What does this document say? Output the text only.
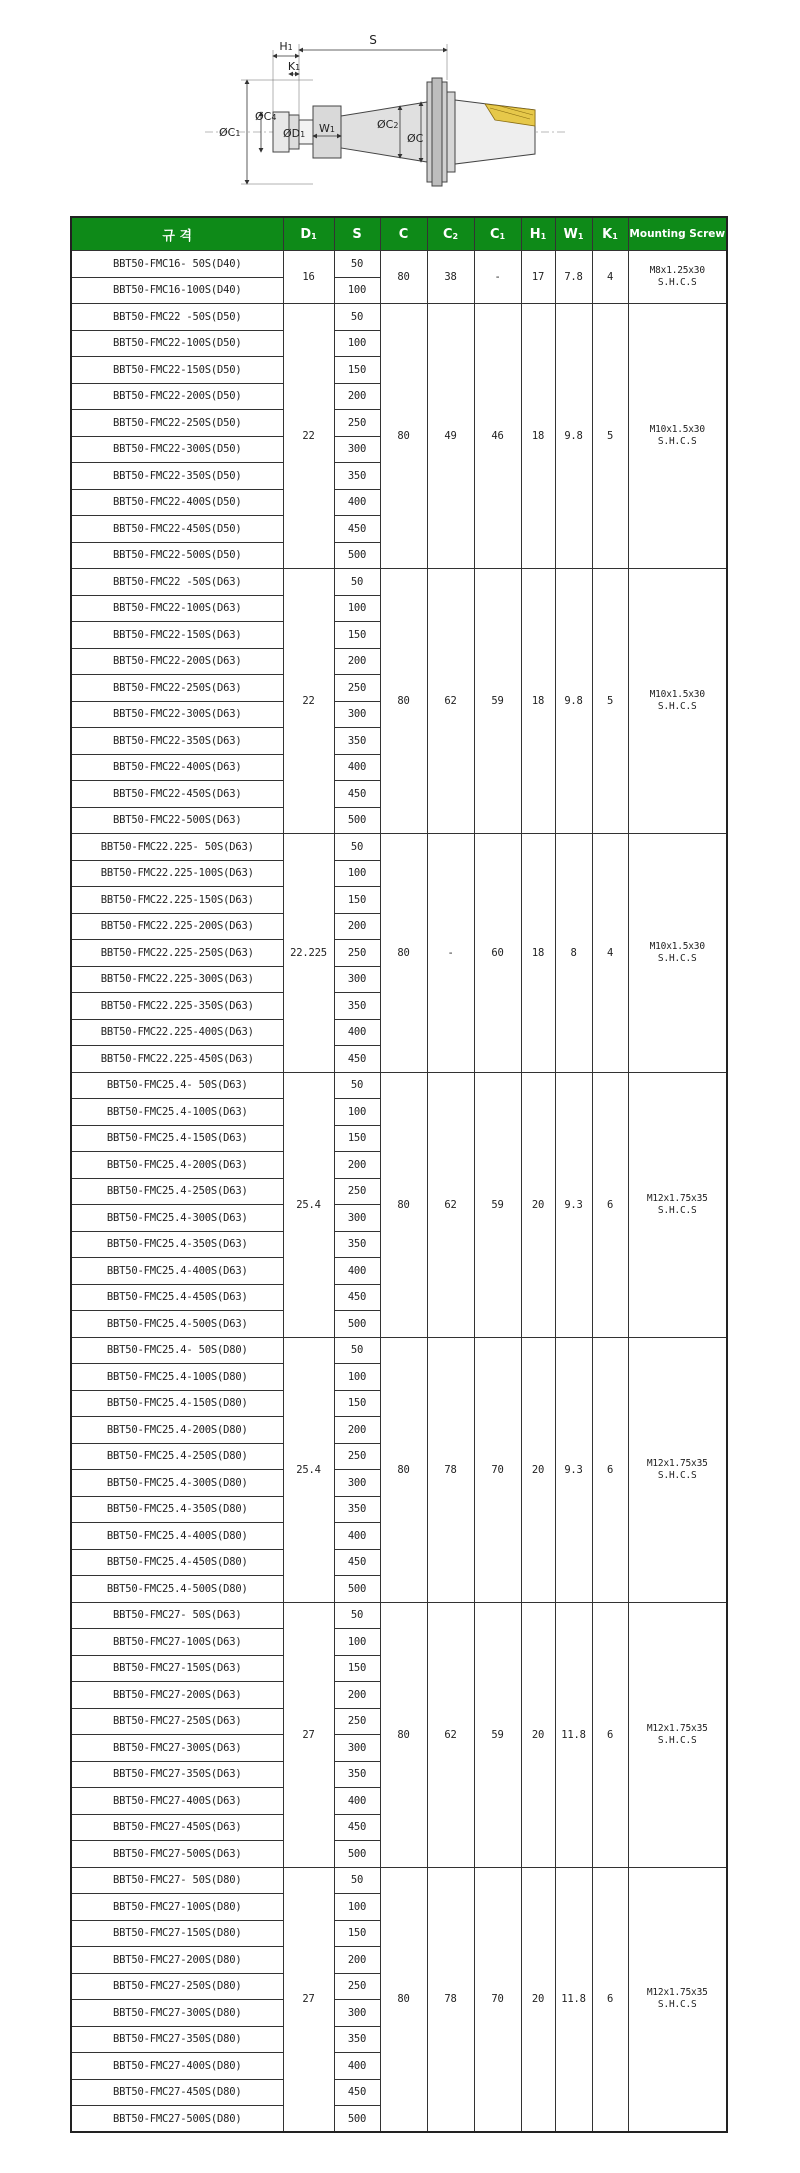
S
H1
K1
ØC1
ØC4
ØD1 W1	ØC2
ØC
규 격	$D_1$	S	C	$C_2$	$C_1$	$H_1$	$W_1$	$K_1$	Mounting Screw
BBT50-FMC16- 50S(D40)	16	50	80	38	-	17	7.8	4	M8x1.25x30 S.H.C.S
BBT50-FMC16-100S(D40)		100							
BBT50-FMC22 -50S(D50)	22	50	80	49	46	18	9.8	5	M10x1.5x30 S.H.C.S
BBT50-FMC22-100S(D50)		100							
BBT50-FMC22-150S(D50)		150							
BBT50-FMC22-200S(D50)		200							
BBT50-FMC22-250S(D50)		250							
BBT50-FMC22-300S(D50)		300							
BBT50-FMC22-350S(D50)		350							
BBT50-FMC22-400S(D50)		400							
BBT50-FMC22-450S(D50)		450							
BBT50-FMC22-500S(D50)		500							
BBT50-FMC22 -50S(D63)	22	50	80	62	59	18	9.8	5	M10x1.5x30 S.H.C.S
BBT50-FMC22-100S(D63)		100							
BBT50-FMC22-150S(D63)		150							
BBT50-FMC22-200S(D63)		200							
BBT50-FMC22-250S(D63)		250							
BBT50-FMC22-300S(D63)		300							
BBT50-FMC22-350S(D63)		350							
BBT50-FMC22-400S(D63)		400							
BBT50-FMC22-450S(D63)		450							
BBT50-FMC22-500S(D63)		500							
BBT50-FMC22.225- 50S(D63)	22.225	50	80	-	60	18	8	4	M10x1.5x30 S.H.C.S
BBT50-FMC22.225-100S(D63)		100							
BBT50-FMC22.225-150S(D63)		150							
BBT50-FMC22.225-200S(D63)		200							
BBT50-FMC22.225-250S(D63)		250							
BBT50-FMC22.225-300S(D63)		300							
BBT50-FMC22.225-350S(D63)		350							
BBT50-FMC22.225-400S(D63)		400							
BBT50-FMC22.225-450S(D63)		450							
BBT50-FMC25.4- 50S(D63)	25.4	50	80	62	59	20	9.3	6	M12x1.75x35 S.H.C.S
BBT50-FMC25.4-100S(D63)		100							
BBT50-FMC25.4-150S(D63)		150							
BBT50-FMC25.4-200S(D63)		200							
BBT50-FMC25.4-250S(D63)		250							
BBT50-FMC25.4-300S(D63)		300							
BBT50-FMC25.4-350S(D63)		350							
BBT50-FMC25.4-400S(D63)		400							
BBT50-FMC25.4-450S(D63)		450							
BBT50-FMC25.4-500S(D63)		500							
BBT50-FMC25.4- 50S(D80)	25.4	50	80	78	70	20	9.3	6	M12x1.75x35 S.H.C.S
BBT50-FMC25.4-100S(D80)		100							
BBT50-FMC25.4-150S(D80)		150							
BBT50-FMC25.4-200S(D80)		200							
BBT50-FMC25.4-250S(D80)		250							
BBT50-FMC25.4-300S(D80)		300							
BBT50-FMC25.4-350S(D80)		350							
BBT50-FMC25.4-400S(D80)		400							
BBT50-FMC25.4-450S(D80)		450							
BBT50-FMC25.4-500S(D80)		500							
BBT50-FMC27- 50S(D63)	27	50	80	62	59	20	11.8	6	M12x1.75x35 S.H.C.S
BBT50-FMC27-100S(D63)		100							
BBT50-FMC27-150S(D63)		150							
BBT50-FMC27-200S(D63)		200							
BBT50-FMC27-250S(D63)		250							
BBT50-FMC27-300S(D63)		300							
BBT50-FMC27-350S(D63)		350							
BBT50-FMC27-400S(D63)		400							
BBT50-FMC27-450S(D63)		450							
BBT50-FMC27-500S(D63)		500							
BBT50-FMC27- 50S(D80)	27	50	80	78	70	20	11.8	6	M12x1.75x35 S.H.C.S
BBT50-FMC27-100S(D80)		100							
BBT50-FMC27-150S(D80)		150							
BBT50-FMC27-200S(D80)		200							
BBT50-FMC27-250S(D80)		250							
BBT50-FMC27-300S(D80)		300							
BBT50-FMC27-350S(D80)		350							
BBT50-FMC27-400S(D80)		400							
BBT50-FMC27-450S(D80)		450							
BBT50-FMC27-500S(D80)		500							
